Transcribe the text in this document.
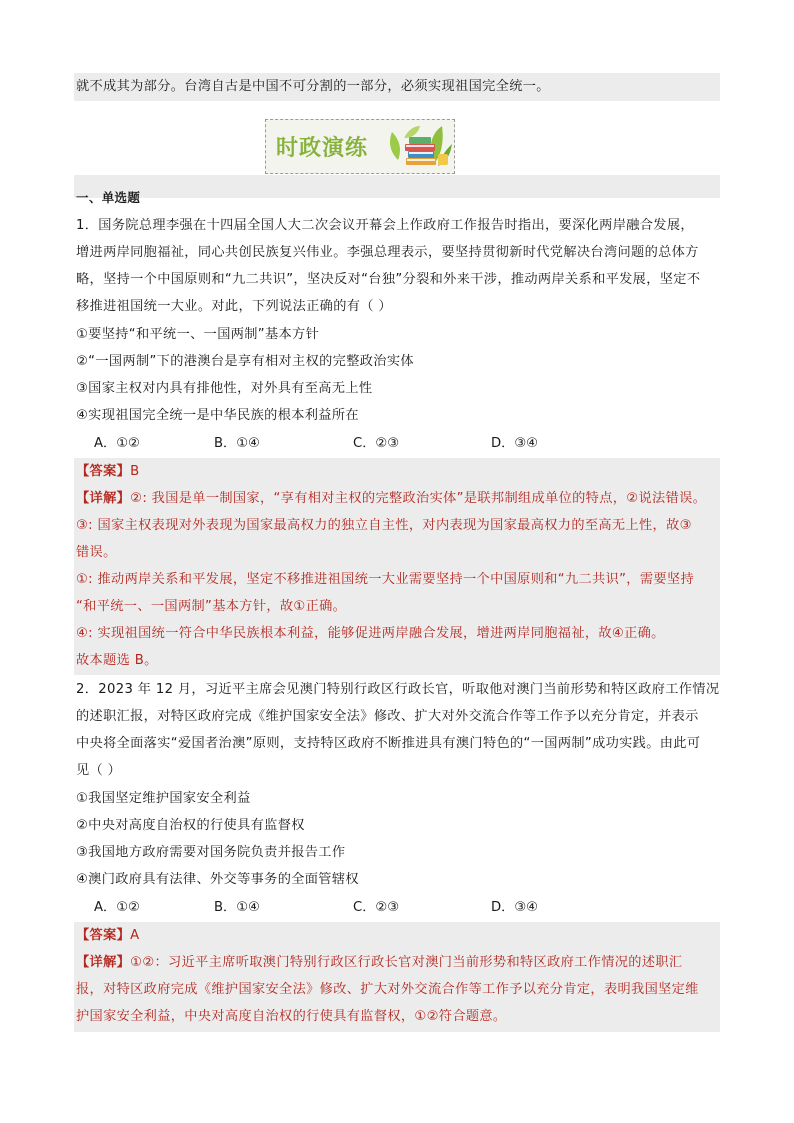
就不成其为部分。台湾自古是中国不可分割的一部分，必须实现祖国完全统一。
时政演练
一、单选题
1．国务院总理李强在十四届全国人大二次会议开幕会上作政府工作报告时指出，要深化两岸融合发展，
增进两岸同胞福祉，同心共创民族复兴伟业。李强总理表示，要坚持贯彻新时代党解决台湾问题的总体方
略，坚持一个中国原则和“九二共识”，坚决反对“台独”分裂和外来干涉，推动两岸关系和平发展，坚定不
移推进祖国统一大业。对此，下列说法正确的有（ ）
①要坚持“和平统一、一国两制”基本方针
②“一国两制”下的港澳台是享有相对主权的完整政治实体
③国家主权对内具有排他性，对外具有至高无上性
④实现祖国完全统一是中华民族的根本利益所在
A．①②	B．①④	C．②③	D．③④
【答案】B
【详解】②: 我国是单一制国家，“享有相对主权的完整政治实体”是联邦制组成单位的特点，②说法错误。
③: 国家主权表现对外表现为国家最高权力的独立自主性，对内表现为国家最高权力的至高无上性，故③
错误。
①: 推动两岸关系和平发展，坚定不移推进祖国统一大业需要坚持一个中国原则和“九二共识”，需要坚持
“和平统一、一国两制”基本方针，故①正确。
④: 实现祖国统一符合中华民族根本利益，能够促进两岸融合发展，增进两岸同胞福祉，故④正确。
故本题选 B。
2．2023 年 12 月，习近平主席会见澳门特别行政区行政长官，听取他对澳门当前形势和特区政府工作情况
的述职汇报，对特区政府完成《维护国家安全法》修改、扩大对外交流合作等工作予以充分肯定，并表示
中央将全面落实“爱国者治澳”原则，支持特区政府不断推进具有澳门特色的“一国两制”成功实践。由此可
见（ ）
①我国坚定维护国家安全利益
②中央对高度自治权的行使具有监督权
③我国地方政府需要对国务院负责并报告工作
④澳门政府具有法律、外交等事务的全面管辖权
A．①②	B．①④	C．②③	D．③④
【答案】A
【详解】①②：习近平主席听取澳门特别行政区行政长官对澳门当前形势和特区政府工作情况的述职汇
报，对特区政府完成《维护国家安全法》修改、扩大对外交流合作等工作予以充分肯定，表明我国坚定维
护国家安全利益，中央对高度自治权的行使具有监督权，①②符合题意。
